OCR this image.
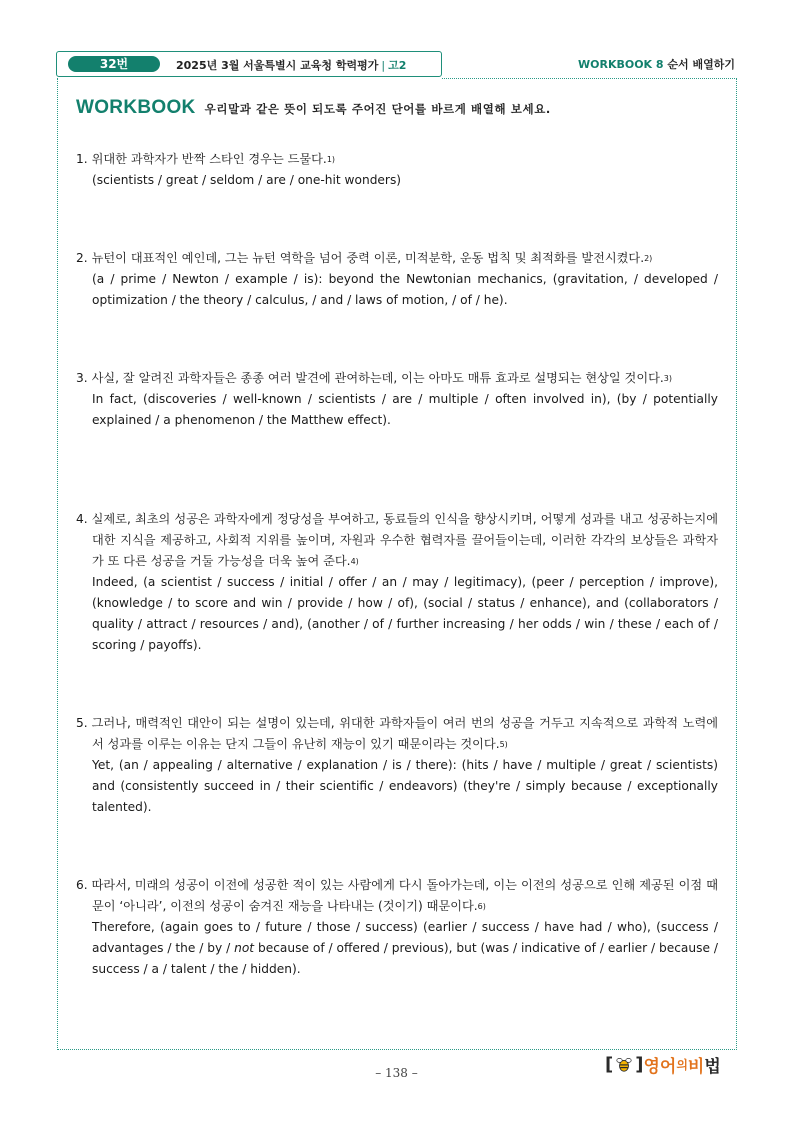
32번	2025년 3월 서울특별시 교육청 학력평가 | 고2	WORKBOOK 8 순서 배열하기
WORKBOOK 우리말과 같은 뜻이 되도록 주어진 단어를 바르게 배열해 보세요.
1. 위대한 과학자가 반짝 스타인 경우는 드물다.1)
(scientists / great / seldom / are / one-hit wonders)
2. 뉴턴이 대표적인 예인데, 그는 뉴턴 역학을 넘어 중력 이론, 미적분학, 운동 법칙 및 최적화를 발전시켰다.2)
(a / prime / Newton / example / is): beyond the Newtonian mechanics, (gravitation, / developed / optimization / the theory / calculus, / and / laws of motion, / of / he).
3. 사실, 잘 알려진 과학자들은 종종 여러 발견에 관여하는데, 이는 아마도 매튜 효과로 설명되는 현상일 것이다.3)
In fact, (discoveries / well-known / scientists / are / multiple / often involved in), (by / potentially explained / a phenomenon / the Matthew effect).
4. 실제로, 최초의 성공은 과학자에게 정당성을 부여하고, 동료들의 인식을 향상시키며, 어떻게 성과를 내고 성공하는지에 대한 지식을 제공하고, 사회적 지위를 높이며, 자원과 우수한 협력자를 끌어들이는데, 이러한 각각의 보상들은 과학자가 또 다른 성공을 거둘 가능성을 더욱 높여 준다.4)
Indeed, (a scientist / success / initial / offer / an / may / legitimacy), (peer / perception / improve), (knowledge / to score and win / provide / how / of), (social / status / enhance), and (collaborators / quality / attract / resources / and), (another / of / further increasing / her odds / win / these / each of / scoring / payoffs).
5. 그러나, 매력적인 대안이 되는 설명이 있는데, 위대한 과학자들이 여러 번의 성공을 거두고 지속적으로 과학적 노력에서 성과를 이루는 이유는 단지 그들이 유난히 재능이 있기 때문이라는 것이다.5)
Yet, (an / appealing / alternative / explanation / is / there): (hits / have / multiple / great / scientists) and (consistently succeed in / their scientific / endeavors) (they're / simply because / exceptionally talented).
6. 따라서, 미래의 성공이 이전에 성공한 적이 있는 사람에게 다시 돌아가는데, 이는 이전의 성공으로 인해 제공된 이점 때문이 ‘아니라’, 이전의 성공이 숨겨진 재능을 나타내는 (것이기) 때문이다.6)
Therefore, (again goes to / future / those / success) (earlier / success / have had / who), (success / advantages / the / by / not because of / offered / previous), but (was / indicative of / earlier / because / success / a / talent / the / hidden).
– 138 –	[ ] 영어 의 비 법
